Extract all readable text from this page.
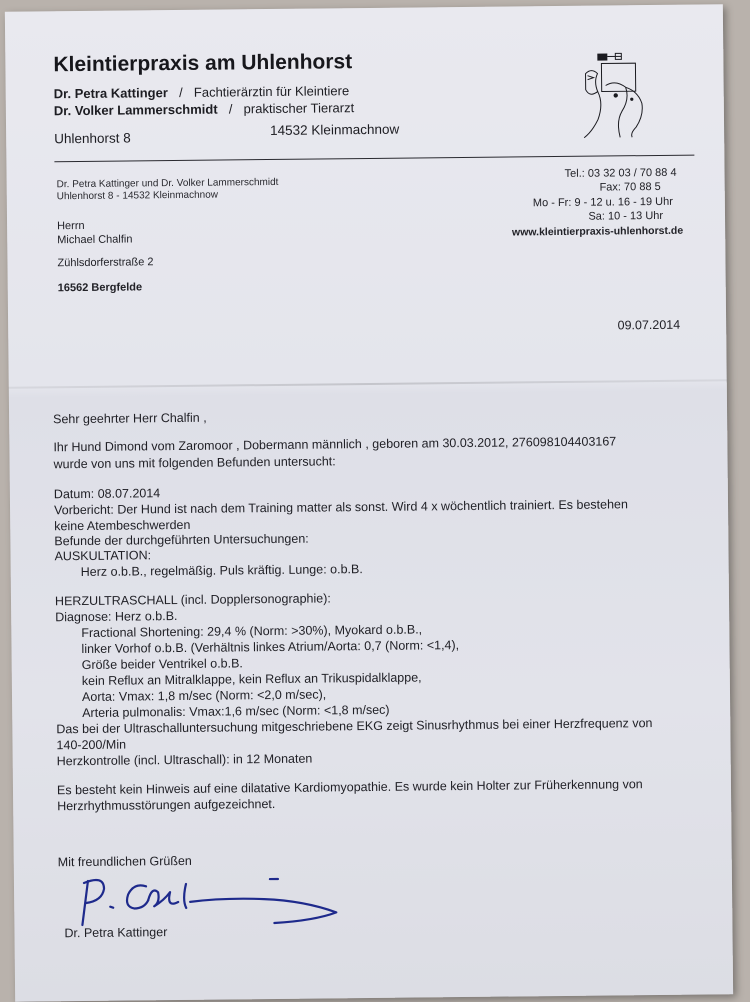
Kleintierpraxis am Uhlenhorst
Dr. Petra Kattinger / Fachtierärztin für Kleintiere
Dr. Volker Lammerschmidt / praktischer Tierarzt
Uhlenhorst 8
14532 Kleinmachnow
Dr. Petra Kattinger und Dr. Volker Lammerschmidt
Uhlenhorst 8 - 14532 Kleinmachnow
Herrn
Michael Chalfin
Zühlsdorferstraße 2
16562 Bergfelde
Tel.: 03 32 03 / 70 88 4
Fax: 70 88 5
Mo - Fr: 9 - 12 u. 16 - 19 Uhr
Sa: 10 - 13 Uhr
www.kleintierpraxis-uhlenhorst.de
09.07.2014
Sehr geehrter Herr Chalfin ,
Ihr Hund Dimond vom Zaromoor , Dobermann männlich , geboren am 30.03.2012, 276098104403167
wurde von uns mit folgenden Befunden untersucht:
Datum: 08.07.2014
Vorbericht: Der Hund ist nach dem Training matter als sonst. Wird 4 x wöchentlich trainiert. Es bestehen
keine Atembeschwerden
Befunde der durchgeführten Untersuchungen:
AUSKULTATION:
Herz o.b.B., regelmäßig. Puls kräftig. Lunge: o.b.B.
HERZULTRASCHALL (incl. Dopplersonographie):
Diagnose: Herz o.b.B.
Fractional Shortening: 29,4 % (Norm: >30%), Myokard o.b.B.,
linker Vorhof o.b.B. (Verhältnis linkes Atrium/Aorta: 0,7 (Norm: <1,4),
Größe beider Ventrikel o.b.B.
kein Reflux an Mitralklappe, kein Reflux an Trikuspidalklappe,
Aorta: Vmax: 1,8 m/sec (Norm: <2,0 m/sec),
Arteria pulmonalis: Vmax:1,6 m/sec (Norm: <1,8 m/sec)
Das bei der Ultraschalluntersuchung mitgeschriebene EKG zeigt Sinusrhythmus bei einer Herzfrequenz von
140-200/Min
Herzkontrolle (incl. Ultraschall): in 12 Monaten
Es besteht kein Hinweis auf eine dilatative Kardiomyopathie. Es wurde kein Holter zur Früherkennung von
Herzrhythmusstörungen aufgezeichnet.
Mit freundlichen Grüßen
Dr. Petra Kattinger
